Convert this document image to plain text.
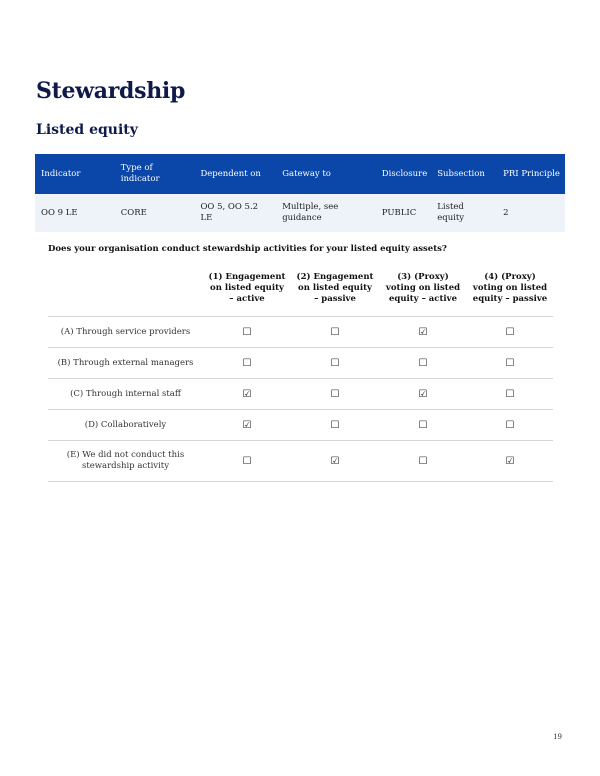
Stewardship
Listed equity
Indicator	Type of indicator	Dependent on	Gateway to	Disclosure	Subsection	PRI Principle
OO 9 LE	CORE	OO 5, OO 5.2 LE	Multiple, see guidance	PUBLIC	Listed equity	2
Does your organisation conduct stewardship activities for your listed equity assets?
	(1) Engagement on listed equity – active	(2) Engagement on listed equity – passive	(3) (Proxy) voting on listed equity – active	(4) (Proxy) voting on listed equity – passive
(A) Through service providers	☐	☐	☑	☐
(B) Through external managers	☐	☐	☐	☐
(C) Through internal staff	☑	☐	☑	☐
(D) Collaboratively	☑	☐	☐	☐
(E) We did not conduct this stewardship activity	☐	☑	☐	☑
19
